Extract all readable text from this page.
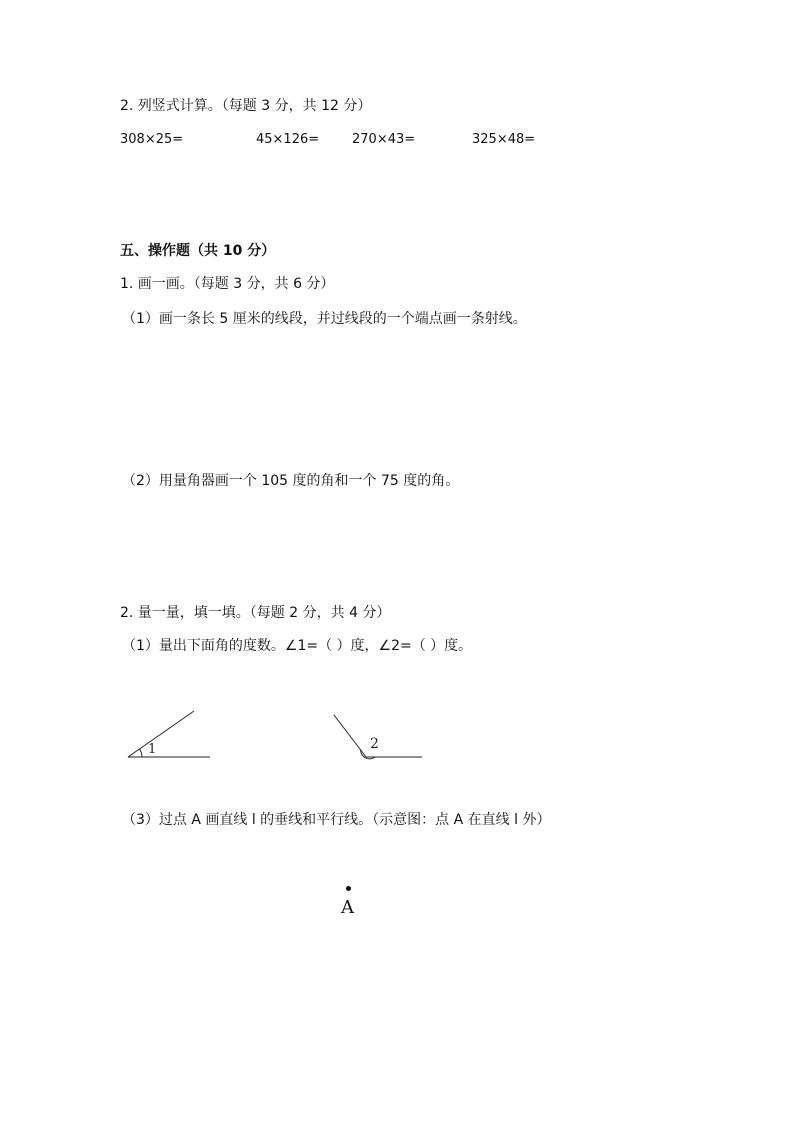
2. 列竖式计算。（每题 3 分，共 12 分）
308×25=	45×126=	270×43=	325×48=
五、操作题（共 10 分）
1. 画一画。（每题 3 分，共 6 分）
（1）画一条长 5 厘米的线段，并过线段的一个端点画一条射线。
（2）用量角器画一个 105 度的角和一个 75 度的角。
2. 量一量，填一填。（每题 2 分，共 4 分）
（1）量出下面角的度数。∠1=（ ）度，∠2=（ ）度。
1	2
（3）过点 A 画直线 l 的垂线和平行线。（示意图：点 A 在直线 l 外）
A
